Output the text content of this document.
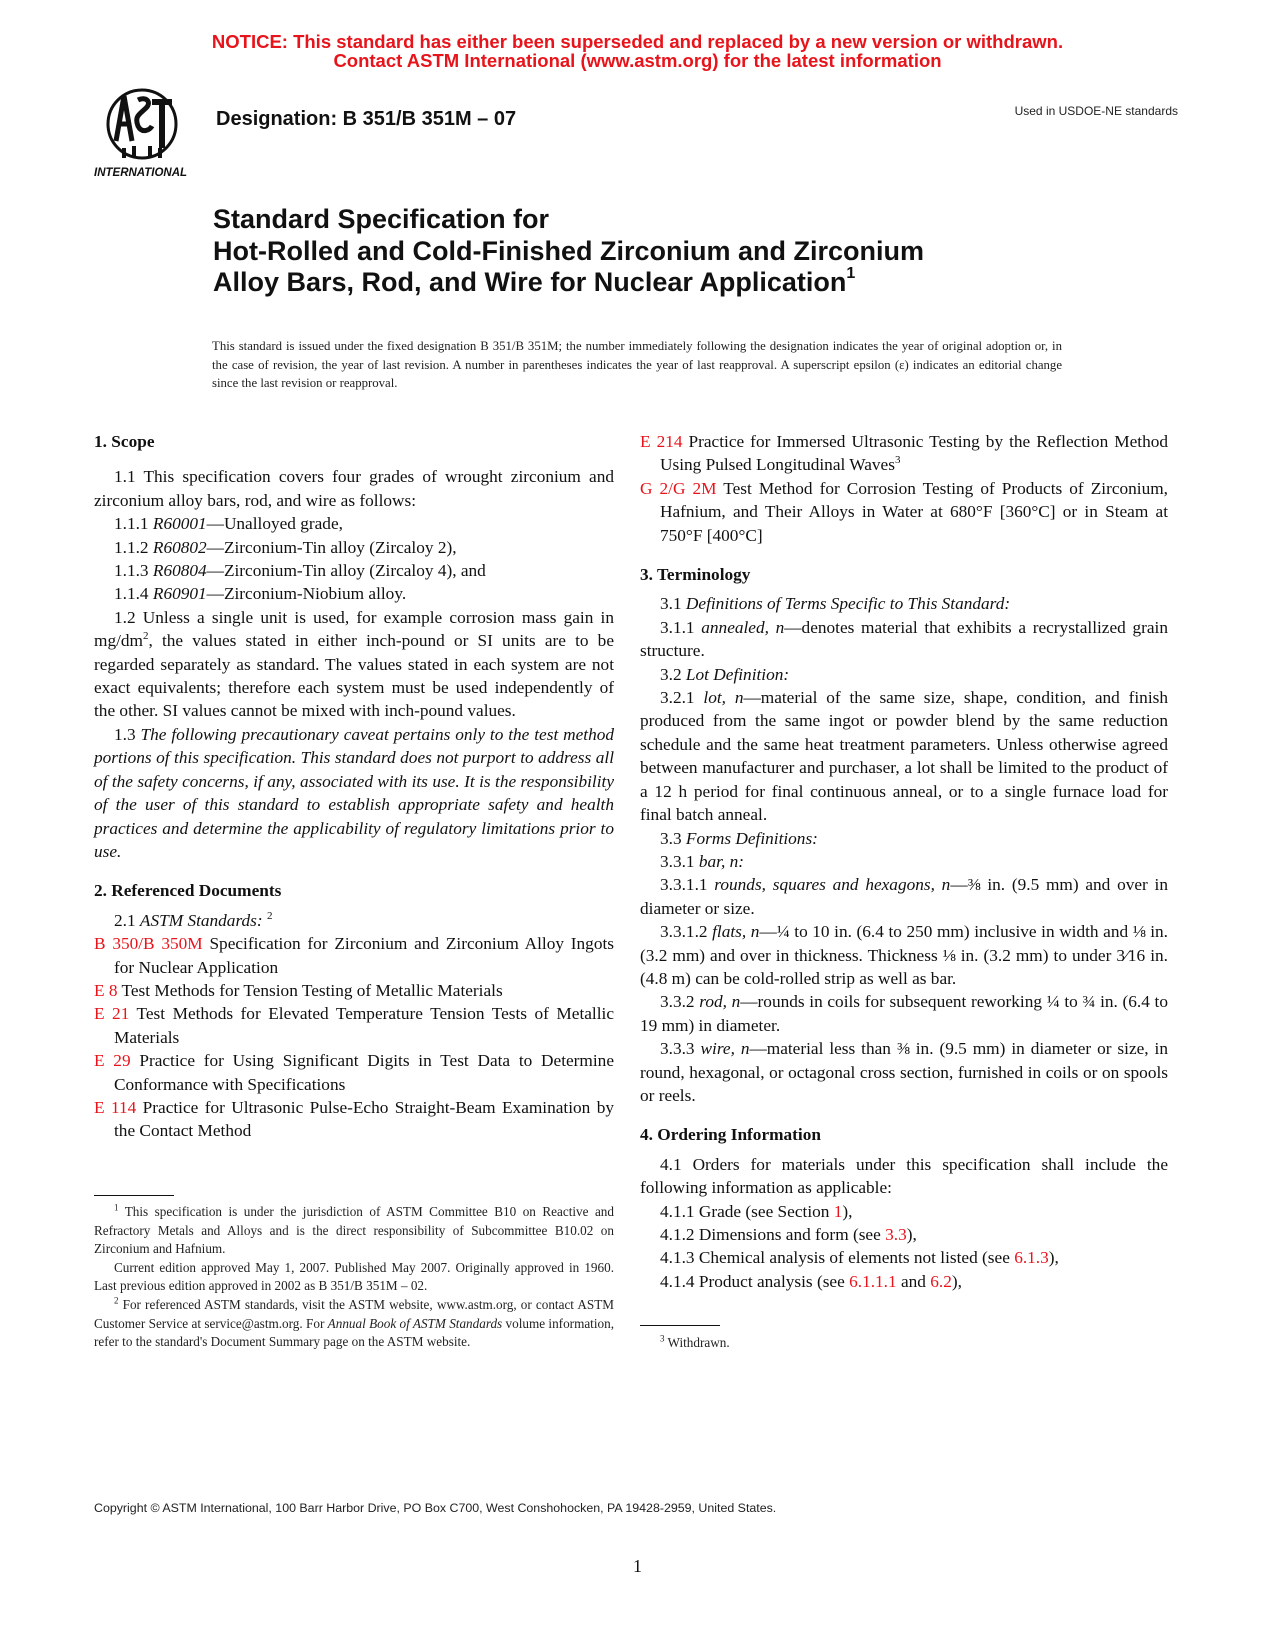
NOTICE: This standard has either been superseded and replaced by a new version or withdrawn.
Contact ASTM International (www.astm.org) for the latest information
INTERNATIONAL
Designation: B 351/B 351M – 07	Used in USDOE-NE standards
Standard Specification for
Hot-Rolled and Cold-Finished Zirconium and Zirconium
Alloy Bars, Rod, and Wire for Nuclear Application$^1$
This standard is issued under the fixed designation B 351/B 351M; the number immediately following the designation indicates the year of original adoption or, in the case of revision, the year of last revision. A number in parentheses indicates the year of last reapproval. A superscript epsilon (ε) indicates an editorial change since the last revision or reapproval.

1. Scope

1.1 This specification covers four grades of wrought zirconium and zirconium alloy bars, rod, and wire as follows:

1.1.1 R60001—Unalloyed grade,

1.1.2 R60802—Zirconium-Tin alloy (Zircaloy 2),

1.1.3 R60804—Zirconium-Tin alloy (Zircaloy 4), and

1.1.4 R60901—Zirconium-Niobium alloy.

1.2 Unless a single unit is used, for example corrosion mass gain in $mg/dm^2$, the values stated in either inch-pound or SI units are to be regarded separately as standard. The values stated in each system are not exact equivalents; therefore each system must be used independently of the other. SI values cannot be mixed with inch-pound values.

1.3 The following precautionary caveat pertains only to the test method portions of this specification. This standard does not purport to address all of the safety concerns, if any, associated with its use. It is the responsibility of the user of this standard to establish appropriate safety and health practices and determine the applicability of regulatory limitations prior to use.

2. Referenced Documents

2.1 ASTM Standards: $^2$

B 350/B 350M Specification for Zirconium and Zirconium Alloy Ingots for Nuclear Application

E 8 Test Methods for Tension Testing of Metallic Materials

E 21 Test Methods for Elevated Temperature Tension Tests of Metallic Materials

E 29 Practice for Using Significant Digits in Test Data to Determine Conformance with Specifications

E 114 Practice for Ultrasonic Pulse-Echo Straight-Beam Examination by the Contact Method

E 214 Practice for Immersed Ultrasonic Testing by the Reflection Method Using Pulsed Longitudinal Waves$^3$

G 2/G 2M Test Method for Corrosion Testing of Products of Zirconium, Hafnium, and Their Alloys in Water at 680°F [360°C] or in Steam at 750°F [400°C]

3. Terminology

3.1 Definitions of Terms Specific to This Standard:

3.1.1 annealed, n—denotes material that exhibits a recrystallized grain structure.

3.2 Lot Definition:

3.2.1 lot, n—material of the same size, shape, condition, and finish produced from the same ingot or powder blend by the same reduction schedule and the same heat treatment parameters. Unless otherwise agreed between manufacturer and purchaser, a lot shall be limited to the product of a 12 h period for final continuous anneal, or to a single furnace load for final batch anneal.

3.3 Forms Definitions:

3.3.1 bar, n:

3.3.1.1 rounds, squares and hexagons, n—⅜ in. (9.5 mm) and over in diameter or size.

3.3.1.2 flats, n—¼ to 10 in. (6.4 to 250 mm) inclusive in width and ⅛ in. (3.2 mm) and over in thickness. Thickness ⅛ in. (3.2 mm) to under 3⁄16 in. (4.8 m) can be cold-rolled strip as well as bar.

3.3.2 rod, n—rounds in coils for subsequent reworking ¼ to ¾ in. (6.4 to 19 mm) in diameter.

3.3.3 wire, n—material less than ⅜ in. (9.5 mm) in diameter or size, in round, hexagonal, or octagonal cross section, furnished in coils or on spools or reels.

4. Ordering Information

4.1 Orders for materials under this specification shall include the following information as applicable:

4.1.1 Grade (see Section 1),

4.1.2 Dimensions and form (see 3.3),

4.1.3 Chemical analysis of elements not listed (see 6.1.3),

4.1.4 Product analysis (see 6.1.1.1 and 6.2),

$^1$ This specification is under the jurisdiction of ASTM Committee B10 on Reactive and Refractory Metals and Alloys and is the direct responsibility of Subcommittee B10.02 on Zirconium and Hafnium.

Current edition approved May 1, 2007. Published May 2007. Originally approved in 1960. Last previous edition approved in 2002 as B 351/B 351M – 02.

$^2$ For referenced ASTM standards, visit the ASTM website, www.astm.org, or contact ASTM Customer Service at service@astm.org. For Annual Book of ASTM Standards volume information, refer to the standard's Document Summary page on the ASTM website.	$^3$ Withdrawn.

Copyright © ASTM International, 100 Barr Harbor Drive, PO Box C700, West Conshohocken, PA 19428-2959, United States.
1
